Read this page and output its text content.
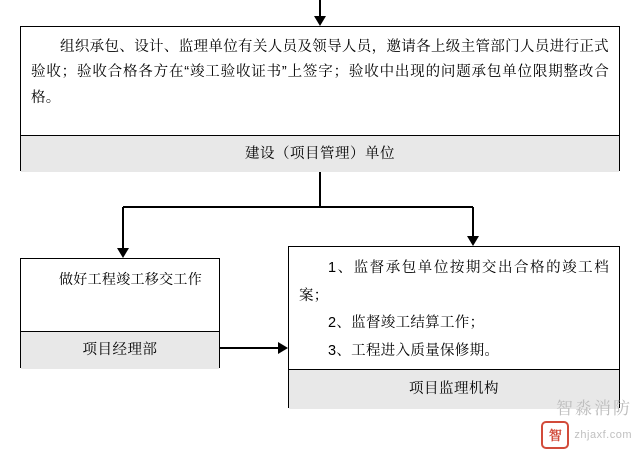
组织承包、设计、监理单位有关人员及领导人员，邀请各上级主管部门人员进行正式验收；验收合格各方在“竣工验收证书”上签字；验收中出现的问题承包单位限期整改合格。
建设（项目管理）单位
做好工程竣工移交工作
项目经理部
1、监督承包单位按期交出合格的竣工档案；
2、监督竣工结算工作；
3、工程进入质量保修期。
项目监理机构
智淼消防
智	zhjaxf.com
